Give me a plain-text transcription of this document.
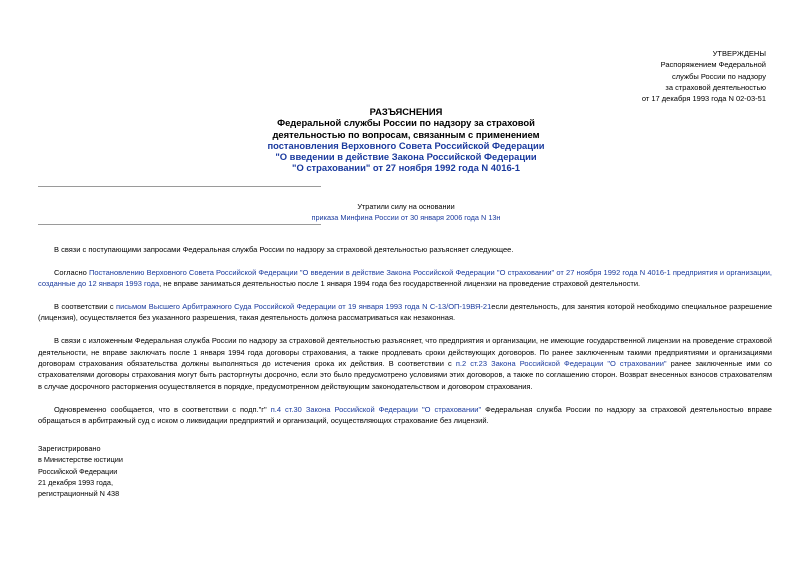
УТВЕРЖДЕНЫ
Распоряжением Федеральной
службы России по надзору
за страховой деятельностью
от 17 декабря 1993 года N 02-03-51
РАЗЪЯСНЕНИЯ
Федеральной службы России по надзору за страховой
деятельностью по вопросам, связанным с применением
постановления Верховного Совета Российской Федерации
"О введении в действие Закона Российской Федерации
"О страховании" от 27 ноября 1992 года N 4016-1
Утратили силу на основании
приказа Минфина России от 30 января 2006 года N 13н

В связи с поступающими запросами Федеральная служба России по надзору за страховой деятельностью разъясняет следующее.

Согласно Постановлению Верховного Совета Российской Федерации "О введении в действие Закона Российской Федерации "О страховании" от 27 ноября 1992 года N 4016-1 предприятия и организации, созданные до 12 января 1993 года, не вправе заниматься деятельностью после 1 января 1994 года без государственной лицензии на проведение страховой деятельности.

В соответствии с письмом Высшего Арбитражного Суда Российской Федерации от 19 января 1993 года N С-13/ОП-19ВЯ-21если деятельность, для занятия которой необходимо специальное разрешение (лицензия), осуществляется без указанного разрешения, такая деятельность должна рассматриваться как незаконная.

В связи с изложенным Федеральная служба России по надзору за страховой деятельностью разъясняет, что предприятия и организации, не имеющие государственной лицензии на проведение страховой деятельности, не вправе заключать после 1 января 1994 года договоры страхования, а также продлевать сроки действующих договоров. По ранее заключенным такими предприятиями и организациями договорам страхования обязательства должны выполняться до истечения срока их действия. В соответствии с п.2 ст.23 Закона Российской Федерации "О страховании" ранее заключенные ими со страхователями договоры страхования могут быть расторгнуты досрочно, если это было предусмотрено условиями этих договоров, а также по соглашению сторон. Возврат внесенных взносов страхователям в случае досрочного расторжения осуществляется в порядке, предусмотренном действующим законодательством и договором страхования.

Одновременно сообщается, что в соответствии с подп."г" п.4 ст.30 Закона Российской Федерации "О страховании" Федеральная служба России по надзору за страховой деятельностью вправе обращаться в арбитражный суд с иском о ликвидации предприятий и организаций, осуществляющих страхование без лицензий.

Зарегистрировано
в Министерстве юстиции
Российской Федерации
21 декабря 1993 года,
регистрационный N 438
